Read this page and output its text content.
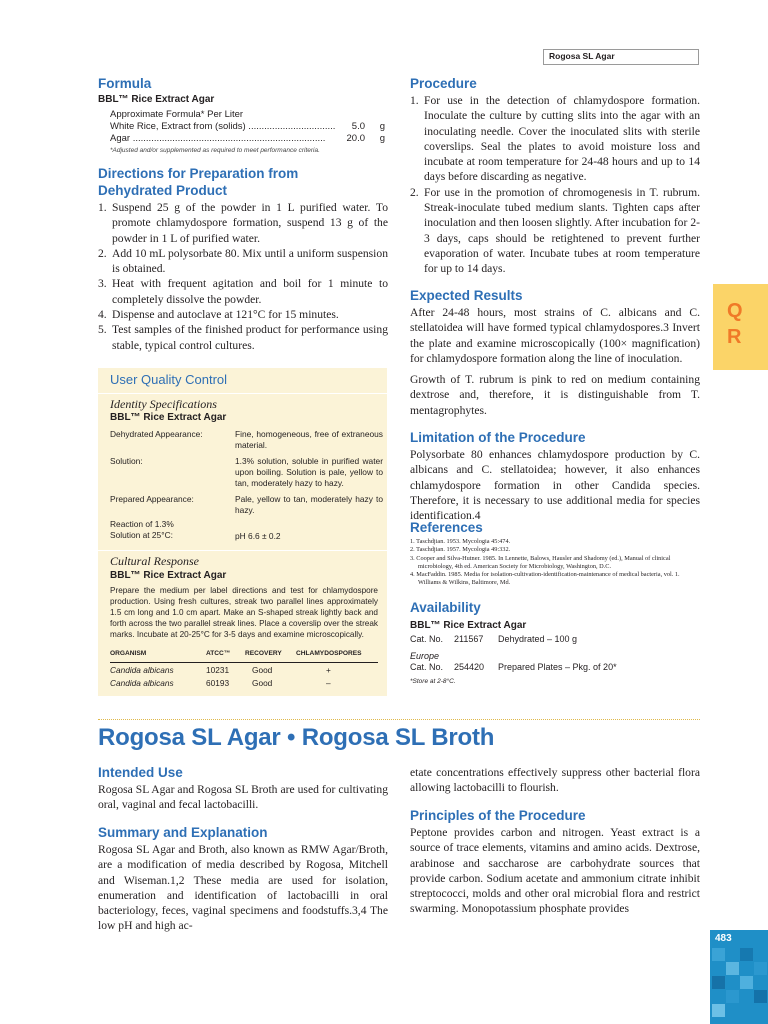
Rogosa SL Agar
Q
R
Formula
BBL™ Rice Extract Agar
Approximate Formula* Per Liter
White Rice, Extract from (solids) .................................	5.0 g
Agar .........................................................................	20.0 g
*Adjusted and/or supplemented as required to meet performance criteria.
Directions for Preparation from
Dehydrated Product
1. Suspend 25 g of the powder in 1 L purified water. To promote chlamydospore formation, suspend 13 g of the powder in 1 L of purified water.
2. Add 10 mL polysorbate 80. Mix until a uniform suspension is obtained.
3. Heat with frequent agitation and boil for 1 minute to completely dissolve the powder.
4. Dispense and autoclave at 121°C for 15 minutes.
5. Test samples of the finished product for performance using stable, typical control cultures.
User Quality Control
Identity Specifications
BBL™ Rice Extract Agar
Dehydrated Appearance:	Fine, homogeneous, free of extraneous material.
Solution:	1.3% solution, soluble in purified water upon boiling. Solution is pale, yellow to tan, moderately hazy to hazy.
Prepared Appearance:	Pale, yellow to tan, moderately hazy to hazy.
Reaction of 1.3% Solution at 25°C:	pH 6.6 ± 0.2
Cultural Response
BBL™ Rice Extract Agar
Prepare the medium per label directions and test for chlamydospore production. Using fresh cultures, streak two parallel lines approximately 1.5 cm long and 1.0 cm apart. Make an S-shaped streak lightly back and forth across the two parallel streak lines. Place a coverslip over the streak marks. Incubate at 20-25°C for 3-5 days and examine microscopically.
ORGANISM	ATCC™ RECOVERY CHLAMYDOSPORES
Candida albicans	10231	Good	+
Candida albicans	60193	Good	–
Procedure
1. For use in the detection of chlamydospore formation. Inoculate the culture by cutting slits into the agar with an inoculating needle. Cover the inoculated slits with sterile coverslips. Seal the plates to avoid moisture loss and incubate at room temperature for 24-48 hours and up to 14 days before discarding as negative.
2. For use in the promotion of chromogenesis in T. rubrum. Streak-inoculate tubed medium slants. Tighten caps after inoculation and then loosen slightly. After incubation for 2-3 days, caps should be retightened to prevent further evaporation of water. Incubate tubes at room temperature for up to 14 days.
Expected Results
After 24-48 hours, most strains of C. albicans and C. stellatoidea will have formed typical chlamydospores.3 Invert the plate and examine microscopically (100× magnification) for chlamydospore formation along the line of inoculation.
Growth of T. rubrum is pink to red on medium containing dextrose and, therefore, it is distinguishable from T. mentagrophytes.
Limitation of the Procedure
Polysorbate 80 enhances chlamydospore production by C. albicans and C. stellatoidea; however, it also enhances chlamydospore formation in other Candida species. Therefore, it is necessary to use additional media for species identification.4
References
1. Taschdjian. 1953. Mycologia 45:474.
2. Taschdjian. 1957. Mycologia 49:332.
3. Cooper and Silva-Hutner. 1985. In Lennette, Balows, Hausler and Shadomy (ed.), Manual of clinical microbiology, 4th ed. American Society for Microbiology, Washington, D.C.
4. MacFaddin. 1985. Media for isolation-cultivation-identification-maintenance of medical bacteria, vol. 1. Williams & Wilkins, Baltimore, Md.
Availability
BBL™ Rice Extract Agar
Cat. No. 211567 Dehydrated – 100 g
Europe
Cat. No. 254420 Prepared Plates – Pkg. of 20*
*Store at 2-8°C.
Rogosa SL Agar • Rogosa SL Broth
Intended Use
Rogosa SL Agar and Rogosa SL Broth are used for cultivating oral, vaginal and fecal lactobacilli.
Summary and Explanation
Rogosa SL Agar and Broth, also known as RMW Agar/Broth, are a modification of media described by Rogosa, Mitchell and Wiseman.1,2 These media are used for isolation, enumeration and identification of lactobacilli in oral bacteriology, feces, vaginal specimens and foodstuffs.3,4 The low pH and high ac-
etate concentrations effectively suppress other bacterial flora allowing lactobacilli to flourish.
Principles of the Procedure
Peptone provides carbon and nitrogen. Yeast extract is a source of trace elements, vitamins and amino acids. Dextrose, arabinose and saccharose are carbohydrate sources that provide carbon. Sodium acetate and ammonium citrate inhibit streptococci, molds and other oral microbial flora and restrict swarming. Monopotassium phosphate provides
483
